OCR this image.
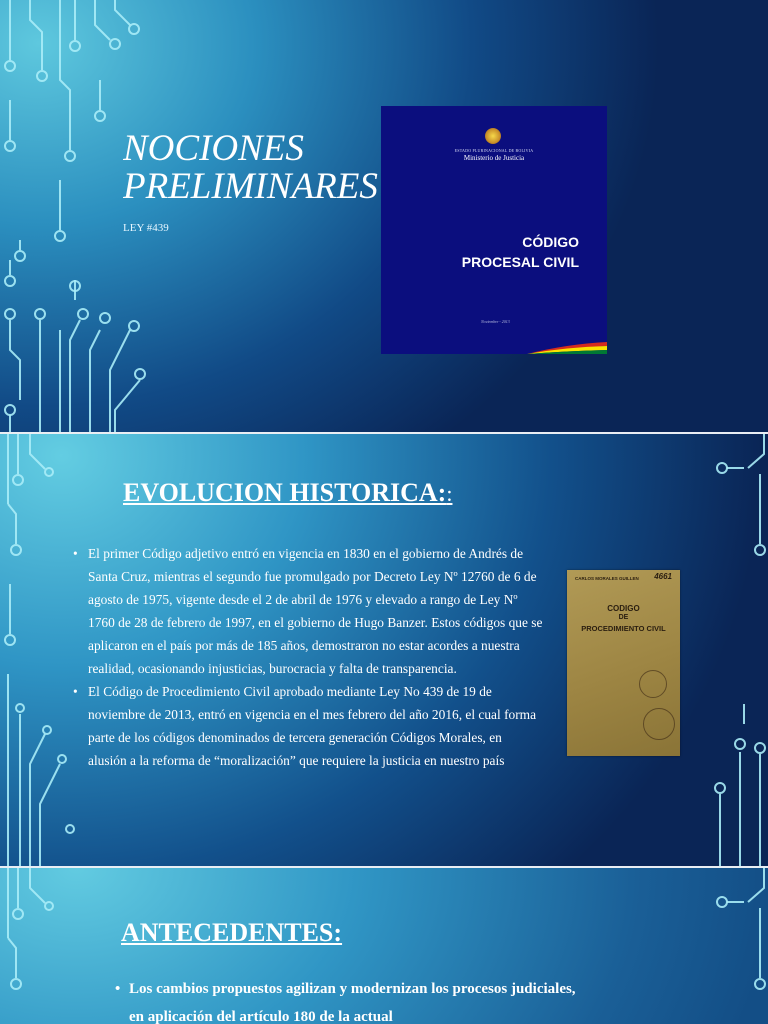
NOCIONES
PRELIMINARES
LEY #439
ESTADO PLURINACIONAL DE BOLIVIA
Ministerio de Justicia
CÓDIGO
PROCESAL CIVIL
Noviembre - 2013
EVOLUCION HISTORICA::
• El primer Código adjetivo entró en vigencia en 1830 en el gobierno de Andrés de Santa Cruz, mientras el segundo fue promulgado por Decreto Ley Nº 12760 de 6 de agosto de 1975, vigente desde el 2 de abril de 1976 y elevado a rango de Ley Nº 1760 de 28 de febrero de 1997, en el gobierno de Hugo Banzer. Estos códigos que se aplicaron en el país por más de 185 años, demostraron no estar acordes a nuestra realidad, ocasionando injusticias, burocracia y falta de transparencia.
• El Código de Procedimiento Civil aprobado mediante Ley No 439 de 19 de noviembre de 2013, entró en vigencia en el mes febrero del año 2016, el cual forma parte de los códigos denominados de tercera generación Códigos Morales, en alusión a la reforma de “moralización” que requiere la justicia en nuestro país
CARLOS MORALES GUILLEN	4661
CODIGO
DE
PROCEDIMIENTO CIVIL
ANTECEDENTES:
• Los cambios propuestos agilizan y modernizan los procesos judiciales, en aplicación del artículo 180 de la actual
